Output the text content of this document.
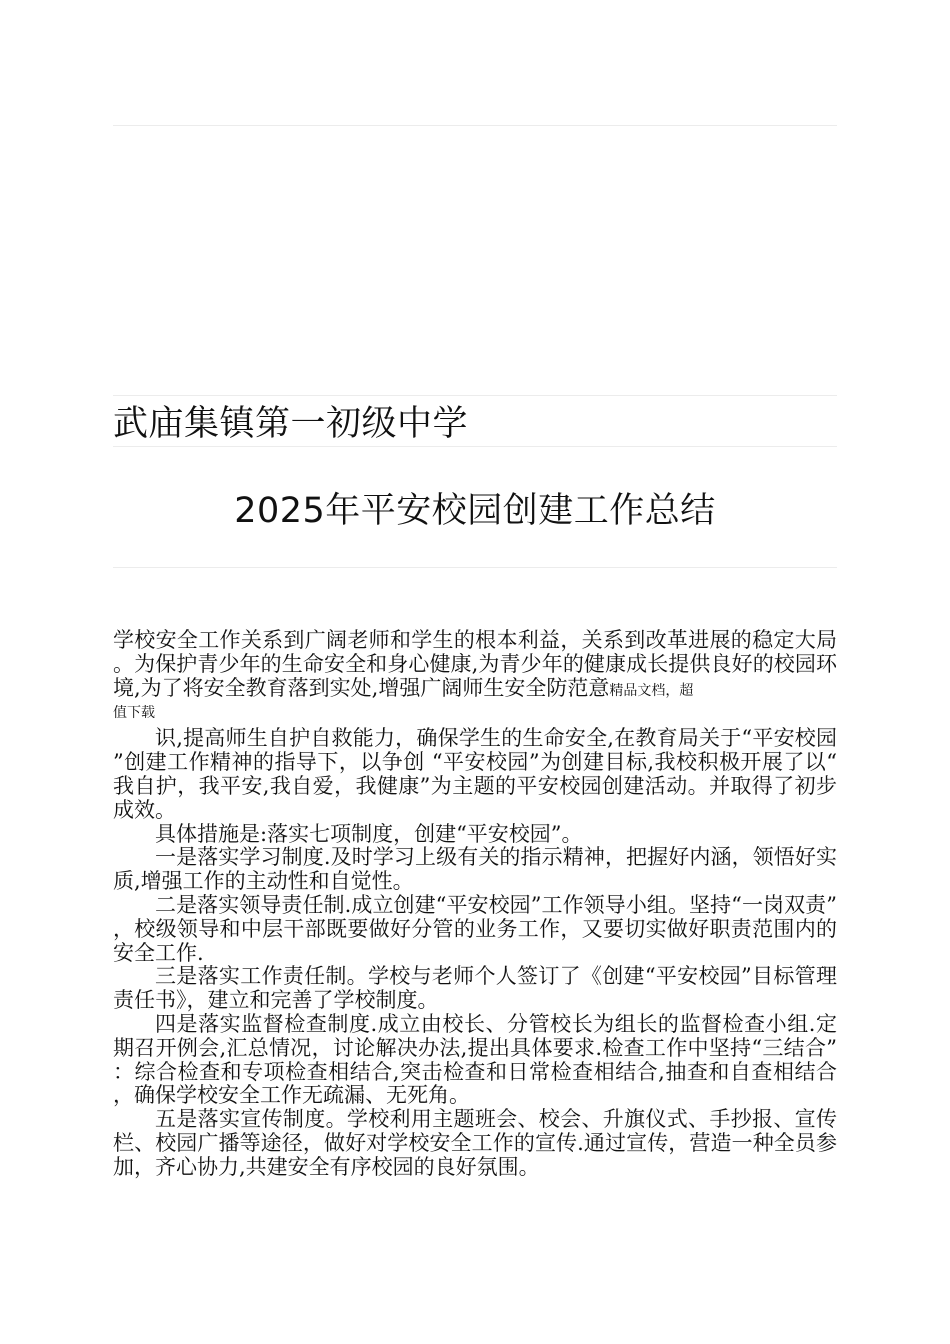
武庙集镇第一初级中学
2025年平安校园创建工作总结

学校安全工作关系到广阔老师和学生的根本利益，关系到改革进展的稳定大局。为保护青少年的生命安全和身心健康,为青少年的健康成长提供良好的校园环境,为了将安全教育落到实处,增强广阔师生安全防范意精品文档，超

值下载

识,提高师生自护自救能力，确保学生的生命安全,在教育局关于“平安校园”创建工作精神的指导下，以争创 “平安校园”为创建目标,我校积极开展了以“我自护，我平安,我自爱，我健康”为主题的平安校园创建活动。并取得了初步成效。

具体措施是:落实七项制度，创建“平安校园”。

一是落实学习制度.及时学习上级有关的指示精神，把握好内涵，领悟好实质,增强工作的主动性和自觉性。

二是落实领导责任制.成立创建“平安校园”工作领导小组。坚持“一岗双责”，校级领导和中层干部既要做好分管的业务工作，又要切实做好职责范围内的安全工作.

三是落实工作责任制。学校与老师个人签订了《创建“平安校园”目标管理责任书》，建立和完善了学校制度。

四是落实监督检查制度.成立由校长、分管校长为组长的监督检查小组.定期召开例会,汇总情况，讨论解决办法,提出具体要求.检查工作中坚持“三结合”：综合检查和专项检查相结合,突击检查和日常检查相结合,抽查和自查相结合，确保学校安全工作无疏漏、无死角。

五是落实宣传制度。学校利用主题班会、校会、升旗仪式、手抄报、宣传栏、校园广播等途径，做好对学校安全工作的宣传.通过宣传，营造一种全员参加，齐心协力,共建安全有序校园的良好氛围。
